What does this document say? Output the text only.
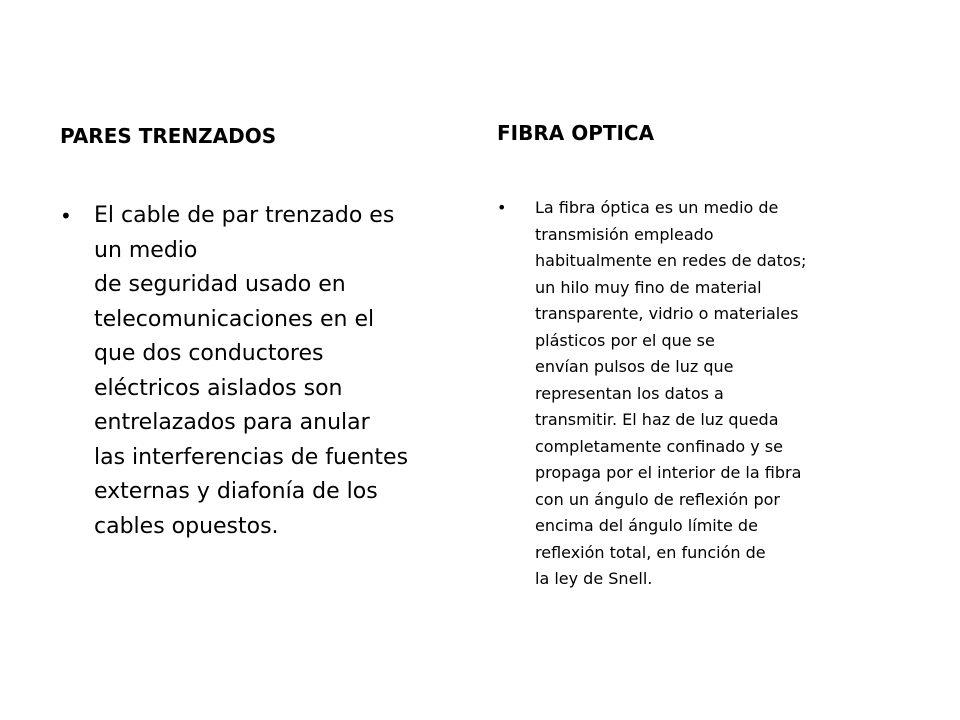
PARES TRENZADOS
•	El cable de par trenzado es
un medio
de seguridad usado en
telecomunicaciones en el
que dos conductores
eléctricos aislados son
entrelazados para anular
las interferencias de fuentes
externas y diafonía de los
cables opuestos.
FIBRA OPTICA
•	La fibra óptica es un medio de
transmisión empleado
habitualmente en redes de datos;
un hilo muy fino de material
transparente, vidrio o materiales
plásticos por el que se
envían pulsos de luz que
representan los datos a
transmitir. El haz de luz queda
completamente confinado y se
propaga por el interior de la fibra
con un ángulo de reflexión por
encima del ángulo límite de
reflexión total, en función de
la ley de Snell.
